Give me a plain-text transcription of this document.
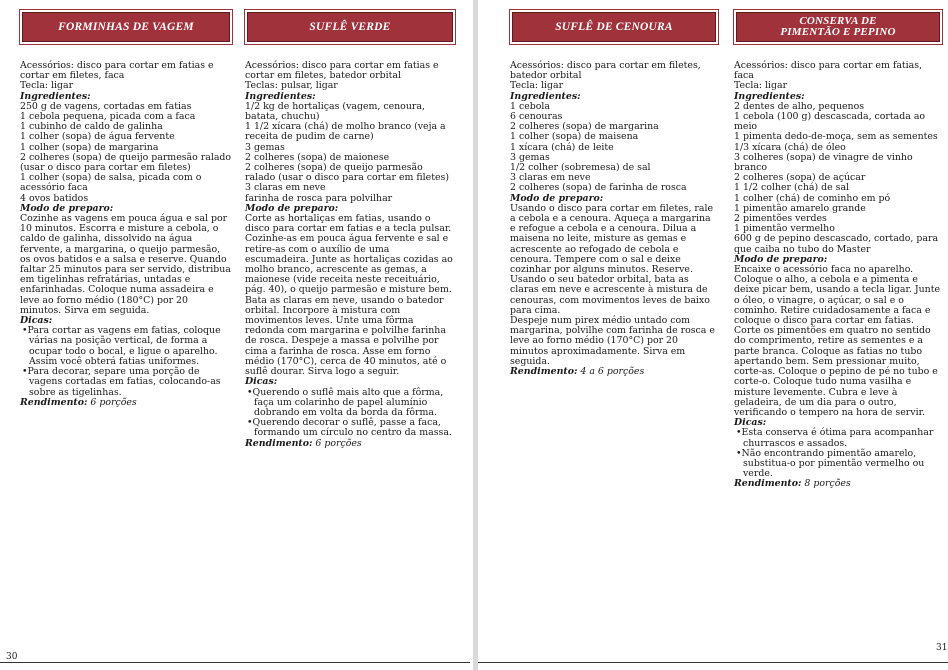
FORMINHAS DE VAGEM

Acessórios: disco para cortar em fatias e cortar em filetes, faca

Tecla: ligar

Ingredientes:

250 g de vagens, cortadas em fatias

1 cebola pequena, picada com a faca

1 cubinho de caldo de galinha

1 colher (sopa) de água fervente

1 colher (sopa) de margarina

2 colheres (sopa) de queijo parmesão ralado (usar o disco para cortar em filetes)

1 colher (sopa) de salsa, picada com o acessório faca

4 ovos batidos

Modo de preparo:

Cozinhe as vagens em pouca água e sal por 10 minutos. Escorra e misture a cebola, o caldo de galinha, dissolvido na água fervente, a margarina, o queijo parmesão, os ovos batidos e a salsa e reserve. Quando faltar 25 minutos para ser servido, distribua em tigelinhas refratárias, untadas e enfarinhadas. Coloque numa assadeira e leve ao forno médio (180°C) por 20 minutos. Sirva em seguida.

Dicas:

• Para cortar as vagens em fatias, coloque várias na posição vertical, de forma a ocupar todo o bocal, e ligue o aparelho. Assim você obterá fatias uniformes.
• Para decorar, separe uma porção de vagens cortadas em fatias, colocando-as sobre as tigelinhas.

Rendimento: 6 porções

SUFLÊ VERDE

Acessórios: disco para cortar em fatias e cortar em filetes, batedor orbital

Teclas: pulsar, ligar

Ingredientes:

1/2 kg de hortaliças (vagem, cenoura, batata, chuchu)

1 1/2 xícara (chá) de molho branco (veja a receita de pudim de carne)

3 gemas

2 colheres (sopa) de maionese

2 colheres (sopa) de queijo parmesão ralado (usar o disco para cortar em filetes)

3 claras em neve

farinha de rosca para polvilhar

Modo de preparo:

Corte as hortaliças em fatias, usando o disco para cortar em fatias e a tecla pulsar. Cozinhe-as em pouca água fervente e sal e retire-as com o auxílio de uma escumadeira. Junte as hortaliças cozidas ao molho branco, acrescente as gemas, a maionese (vide receita neste receituário, pág. 40), o queijo parmesão e misture bem. Bata as claras em neve, usando o batedor orbital. Incorpore à mistura com movimentos leves. Unte uma fôrma redonda com margarina e polvilhe farinha de rosca. Despeje a massa e polvilhe por cima a farinha de rosca. Asse em forno médio (170°C), cerca de 40 minutos, até o suflê dourar. Sirva logo a seguir.

Dicas:

• Querendo o suflê mais alto que a fôrma, faça um colarinho de papel alumínio dobrando em volta da borda da fôrma.
• Querendo decorar o suflê, passe a faca, formando um círculo no centro da massa.

Rendimento: 6 porções

30
SUFLÊ DE CENOURA

Acessórios: disco para cortar em filetes, batedor orbital

Tecla: ligar

Ingredientes:

1 cebola

6 cenouras

2 colheres (sopa) de margarina

1 colher (sopa) de maisena

1 xícara (chá) de leite

3 gemas

1/2 colher (sobremesa) de sal

3 claras em neve

2 colheres (sopa) de farinha de rosca

Modo de preparo:

Usando o disco para cortar em filetes, rale a cebola e a cenoura. Aqueça a margarina e refogue a cebola e a cenoura. Dilua a maisena no leite, misture as gemas e acrescente ao refogado de cebola e cenoura. Tempere com o sal e deixe cozinhar por alguns minutos. Reserve.

Usando o seu batedor orbital, bata as claras em neve e acrescente à mistura de cenouras, com movimentos leves de baixo para cima.

Despeje num pirex médio untado com margarina, polvilhe com farinha de rosca e leve ao forno médio (170°C) por 20 minutos aproximadamente. Sirva em seguida.

Rendimento: 4 a 6 porções

CONSERVA DE
PIMENTÃO E PEPINO

Acessórios: disco para cortar em fatias, faca

Tecla: ligar

Ingredientes:

2 dentes de alho, pequenos

1 cebola (100 g) descascada, cortada ao meio

1 pimenta dedo-de-moça, sem as sementes

1/3 xícara (chá) de óleo

3 colheres (sopa) de vinagre de vinho branco

2 colheres (sopa) de açúcar

1 1/2 colher (chá) de sal

1 colher (chá) de cominho em pó

1 pimentão amarelo grande

2 pimentões verdes

1 pimentão vermelho

600 g de pepino descascado, cortado, para que caiba no tubo do Master

Modo de preparo:

Encaixe o acessório faca no aparelho. Coloque o alho, a cebola e a pimenta e deixe picar bem, usando a tecla ligar. Junte o óleo, o vinagre, o açúcar, o sal e o cominho. Retire cuidadosamente a faca e coloque o disco para cortar em fatias. Corte os pimentões em quatro no sentido do comprimento, retire as sementes e a parte branca. Coloque as fatias no tubo apertando bem. Sem pressionar muito, corte-as. Coloque o pepino de pé no tubo e corte-o. Coloque tudo numa vasilha e misture levemente. Cubra e leve à geladeira, de um dia para o outro, verificando o tempero na hora de servir.

Dicas:

• Esta conserva é ótima para acompanhar churrascos e assados.
• Não encontrando pimentão amarelo, substitua-o por pimentão vermelho ou verde.

Rendimento: 8 porções

31
